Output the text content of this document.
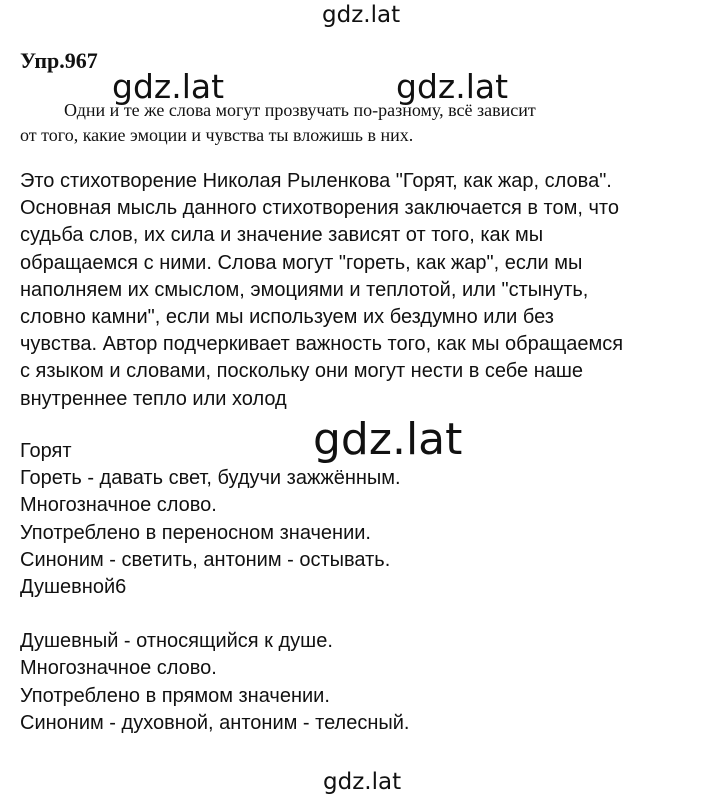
gdz.lat
Упр.967
gdz.lat	gdz.lat

Одни и те же слова могут прозвучать по-разному, всё зависит
от того, какие эмоции и чувства ты вложишь в них.

Это стихотворение Николая Рыленкова "Горят, как жар, слова".
Основная мысль данного стихотворения заключается в том, что
судьба слов, их сила и значение зависят от того, как мы
обращаемся с ними. Слова могут "гореть, как жар", если мы
наполняем их смыслом, эмоциями и теплотой, или "стынуть,
словно камни", если мы используем их бездумно или без
чувства. Автор подчеркивает важность того, как мы обращаемся
с языком и словами, поскольку они могут нести в себе наше
внутреннее тепло или холод
Горят
Гореть - давать свет, будучи зажжённым.
Многозначное слово.
Употреблено в переносном значении.
Синоним - светить, антоним - остывать.
Душевной6
Душевный - относящийся к душе.
Многозначное слово.
Употреблено в прямом значении.
Синоним - духовной, антоним - телесный.
gdz.lat
gdz.lat
